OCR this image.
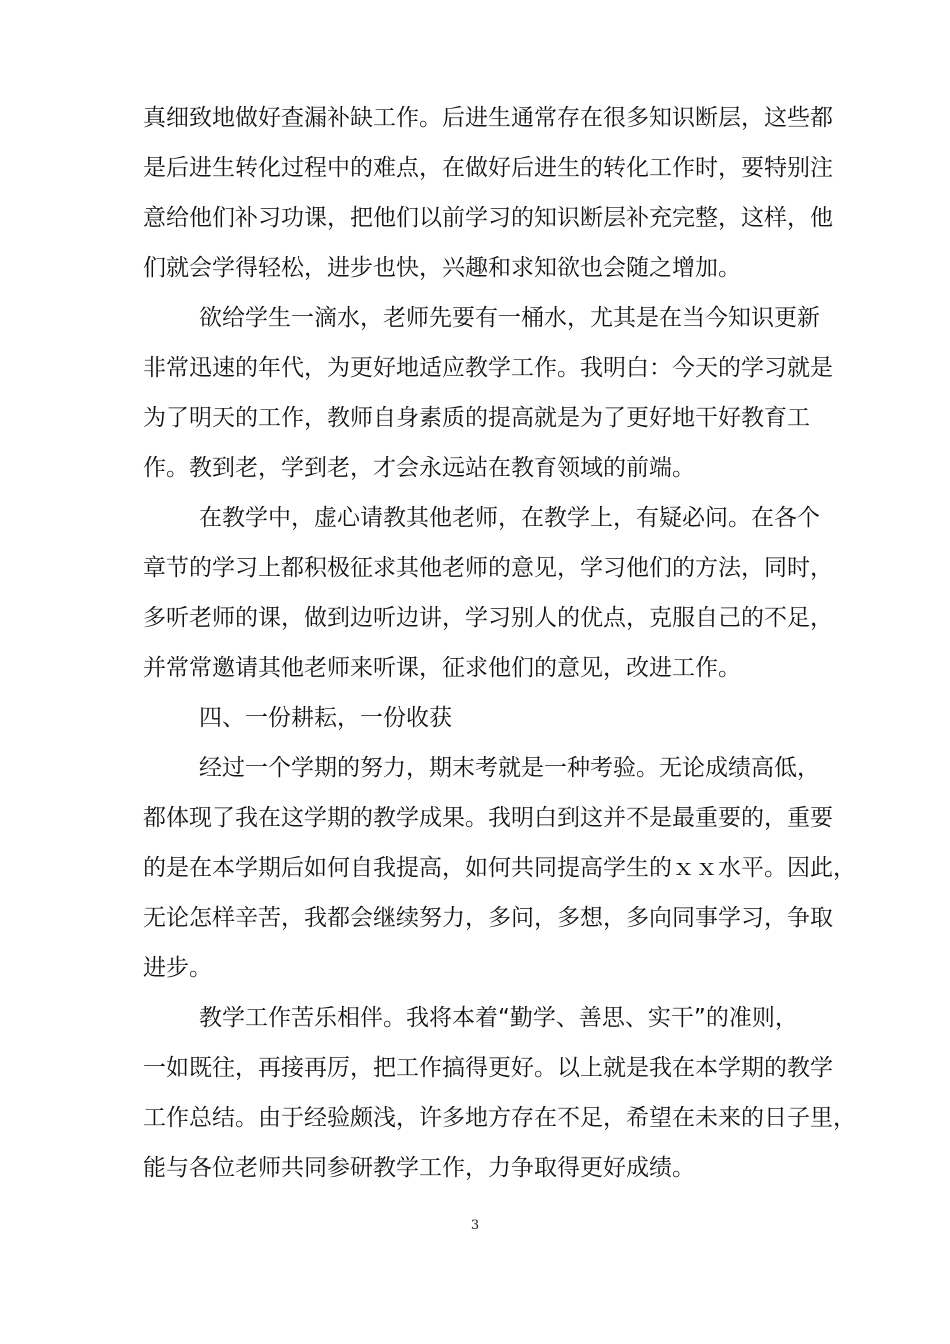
真细致地做好查漏补缺工作。后进生通常存在很多知识断层，这些都
是后进生转化过程中的难点，在做好后进生的转化工作时，要特别注
意给他们补习功课，把他们以前学习的知识断层补充完整，这样，他
们就会学得轻松，进步也快，兴趣和求知欲也会随之增加。
欲给学生一滴水，老师先要有一桶水，尤其是在当今知识更新
非常迅速的年代，为更好地适应教学工作。我明白：今天的学习就是
为了明天的工作，教师自身素质的提高就是为了更好地干好教育工
作。教到老，学到老，才会永远站在教育领域的前端。
在教学中，虚心请教其他老师，在教学上，有疑必问。在各个
章节的学习上都积极征求其他老师的意见，学习他们的方法，同时，
多听老师的课，做到边听边讲，学习别人的优点，克服自己的不足，
并常常邀请其他老师来听课，征求他们的意见，改进工作。
四、一份耕耘，一份收获
经过一个学期的努力，期末考就是一种考验。无论成绩高低，
都体现了我在这学期的教学成果。我明白到这并不是最重要的，重要
的是在本学期后如何自我提高，如何共同提高学生的ｘｘ水平。因此，
无论怎样辛苦，我都会继续努力，多问，多想，多向同事学习，争取
进步。
教学工作苦乐相伴。我将本着“勤学、善思、实干”的准则，
一如既往，再接再厉，把工作搞得更好。以上就是我在本学期的教学
工作总结。由于经验颇浅，许多地方存在不足，希望在未来的日子里，
能与各位老师共同参研教学工作，力争取得更好成绩。
3
